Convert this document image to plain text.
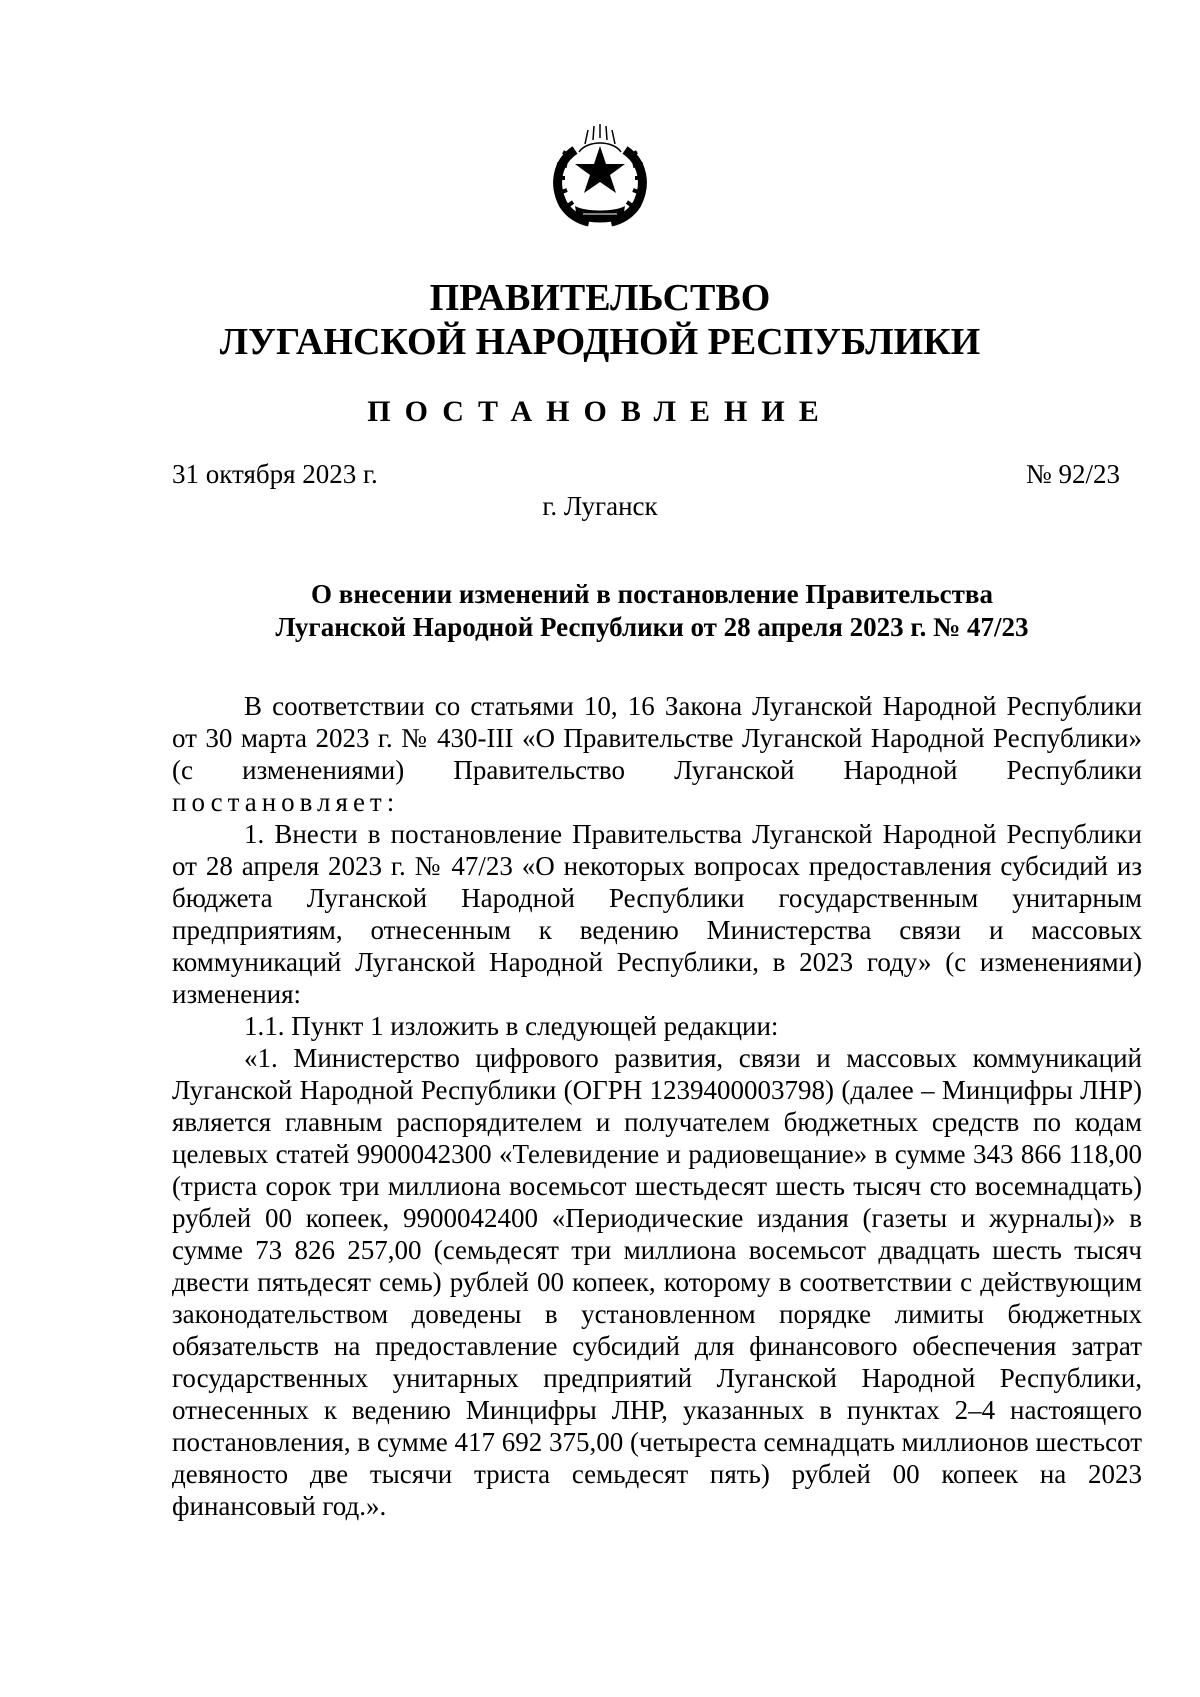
ПРАВИТЕЛЬСТВО
ЛУГАНСКОЙ НАРОДНОЙ РЕСПУБЛИКИ
ПОСТАНОВЛЕНИЕ
31 октября 2023 г.	№ 92/23
г. Луганск
О внесении изменений в постановление Правительства
Луганской Народной Республики от 28 апреля 2023 г. № 47/23

В соответствии со статьями 10, 16 Закона Луганской Народной Республики от 30 марта 2023 г. № 430-III «О Правительстве Луганской Народной Республики» (с изменениями) Правительство Луганской Народной Республики постановляет:

1. Внести в постановление Правительства Луганской Народной Республики от 28 апреля 2023 г. № 47/23 «О некоторых вопросах предоставления субсидий из бюджета Луганской Народной Республики государственным унитарным предприятиям, отнесенным к ведению Министерства связи и массовых коммуникаций Луганской Народной Республики, в 2023 году» (с изменениями) изменения:

1.1. Пункт 1 изложить в следующей редакции:

«1. Министерство цифрового развития, связи и массовых коммуникаций Луганской Народной Республики (ОГРН 1239400003798) (далее – Минцифры ЛНР) является главным распорядителем и получателем бюджетных средств по кодам целевых статей 9900042300 «Телевидение и радиовещание» в сумме 343 866 118,00 (триста сорок три миллиона восемьсот шестьдесят шесть тысяч сто восемнадцать) рублей 00 копеек, 9900042400 «Периодические издания (газеты и журналы)» в сумме 73 826 257,00 (семьдесят три миллиона восемьсот двадцать шесть тысяч двести пятьдесят семь) рублей 00 копеек, которому в соответствии с действующим законодательством доведены в установленном порядке лимиты бюджетных обязательств на предоставление субсидий для финансового обеспечения затрат государственных унитарных предприятий Луганской Народной Республики, отнесенных к ведению Минцифры ЛНР, указанных в пунктах 2–4 настоящего постановления, в сумме 417 692 375,00 (четыреста семнадцать миллионов шестьсот девяносто две тысячи триста семьдесят пять) рублей 00 копеек на 2023 финансовый год.».
